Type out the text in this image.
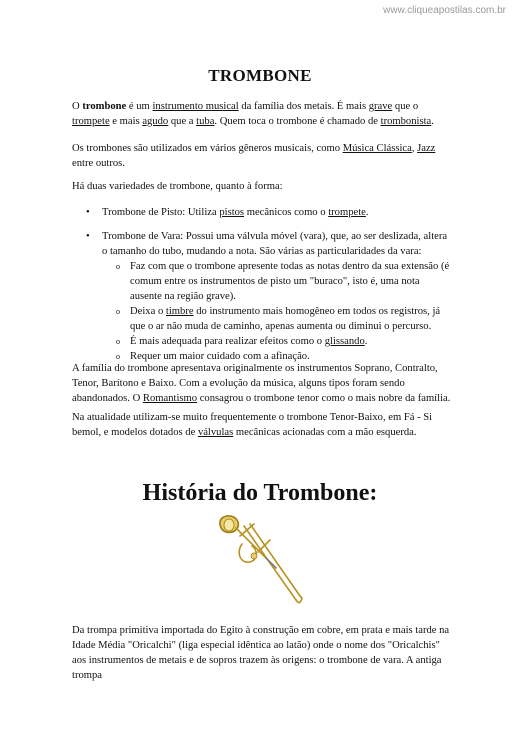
www.cliqueapostilas.com.br
TROMBONE

O trombone é um instrumento musical da família dos metais. É mais grave que o trompete e mais agudo que a tuba. Quem toca o trombone é chamado de trombonista.

Os trombones são utilizados em vários gêneros musicais, como Música Clássica, Jazz entre outros.

Há duas variedades de trombone, quanto à forma:
• Trombone de Pisto: Utiliza pistos mecânicos como o trompete.
• Trombone de Vara: Possui uma válvula móvel (vara), que, ao ser deslizada, altera o tamanho do tubo, mudando a nota. São várias as particularidades da vara:
o Faz com que o trombone apresente todas as notas dentro da sua extensão (é comum entre os instrumentos de pisto um "buraco", isto é, uma nota ausente na região grave).
o Deixa o timbre do instrumento mais homogêneo em todos os registros, já que o ar não muda de caminho, apenas aumenta ou diminui o percurso.
o É mais adequada para realizar efeitos como o glissando.
o Requer um maior cuidado com a afinação.

A família do trombone apresentava originalmente os instrumentos Soprano, Contralto, Tenor, Barítono e Baixo. Com a evolução da música, alguns tipos foram sendo abandonados. O Romantismo consagrou o trombone tenor como o mais nobre da família.

Na atualidade utilizam-se muito frequentemente o trombone Tenor-Baixo, em Fá - Si bemol, e modelos dotados de válvulas mecânicas acionadas com a mão esquerda.

História do Trombone:
Da trompa primitiva importada do Egito à construção em cobre, em prata e mais tarde na Idade Média "Oricalchi" (liga especial idêntica ao latão) onde o nome dos "Oricalchis" aos instrumentos de metais e de sopros trazem às origens: o trombone de vara. A antiga trompa
